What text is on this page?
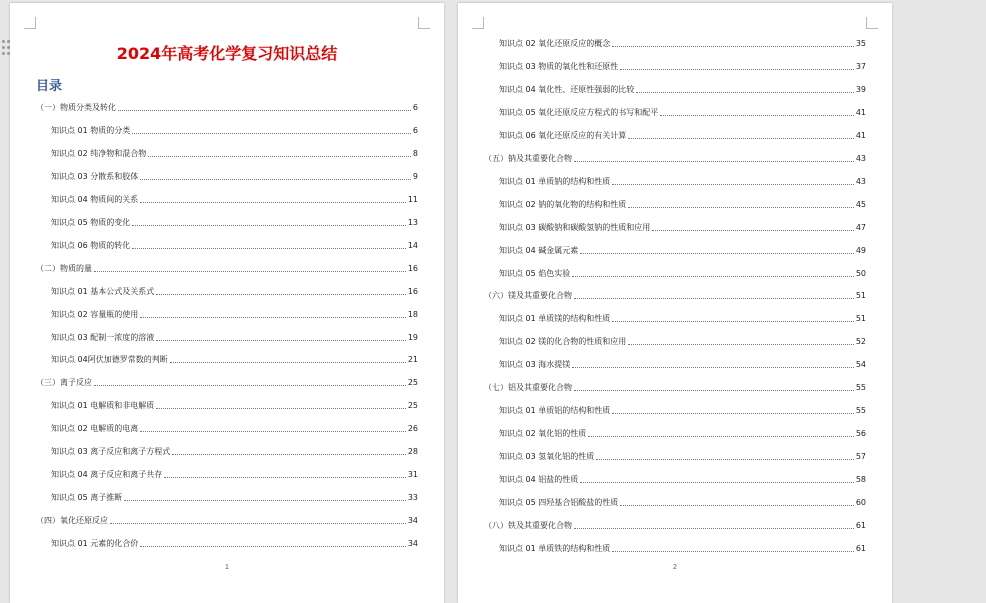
2024年高考化学复习知识总结
目录
（一）物质分类及转化	6
知识点 01 物质的分类	6
知识点 02 纯净物和混合物	8
知识点 03 分散系和胶体	9
知识点 04 物质间的关系	11
知识点 05 物质的变化	13
知识点 06 物质的转化	14
（二）物质的量	16
知识点 01 基本公式及关系式	16
知识点 02 容量瓶的使用	18
知识点 03 配制一浓度的溶液	19
知识点 04阿伏加德罗常数的判断	21
（三）离子反应	25
知识点 01 电解质和非电解质	25
知识点 02 电解质的电离	26
知识点 03 离子反应和离子方程式	28
知识点 04 离子反应和离子共存	31
知识点 05 离子推断	33
（四）氧化还原反应	34
知识点 01 元素的化合价	34
1
知识点 02 氧化还原反应的概念	35
知识点 03 物质的氧化性和还原性	37
知识点 04 氧化性、还原性强弱的比较	39
知识点 05 氧化还原反应方程式的书写和配平	41
知识点 06 氧化还原反应的有关计算	41
（五）钠及其重要化合物	43
知识点 01 单质钠的结构和性质	43
知识点 02 钠的氧化物的结构和性质	45
知识点 03 碳酸钠和碳酸氢钠的性质和应用	47
知识点 04 碱金属元素	49
知识点 05 焰色实验	50
（六）镁及其重要化合物	51
知识点 01 单质镁的结构和性质	51
知识点 02 镁的化合物的性质和应用	52
知识点 03 海水提镁	54
（七）铝及其重要化合物	55
知识点 01 单质铝的结构和性质	55
知识点 02 氧化铝的性质	56
知识点 03 氢氧化铝的性质	57
知识点 04 铝盐的性质	58
知识点 05 四羟基合铝酸盐的性质	60
（八）铁及其重要化合物	61
知识点 01 单质铁的结构和性质	61
2
